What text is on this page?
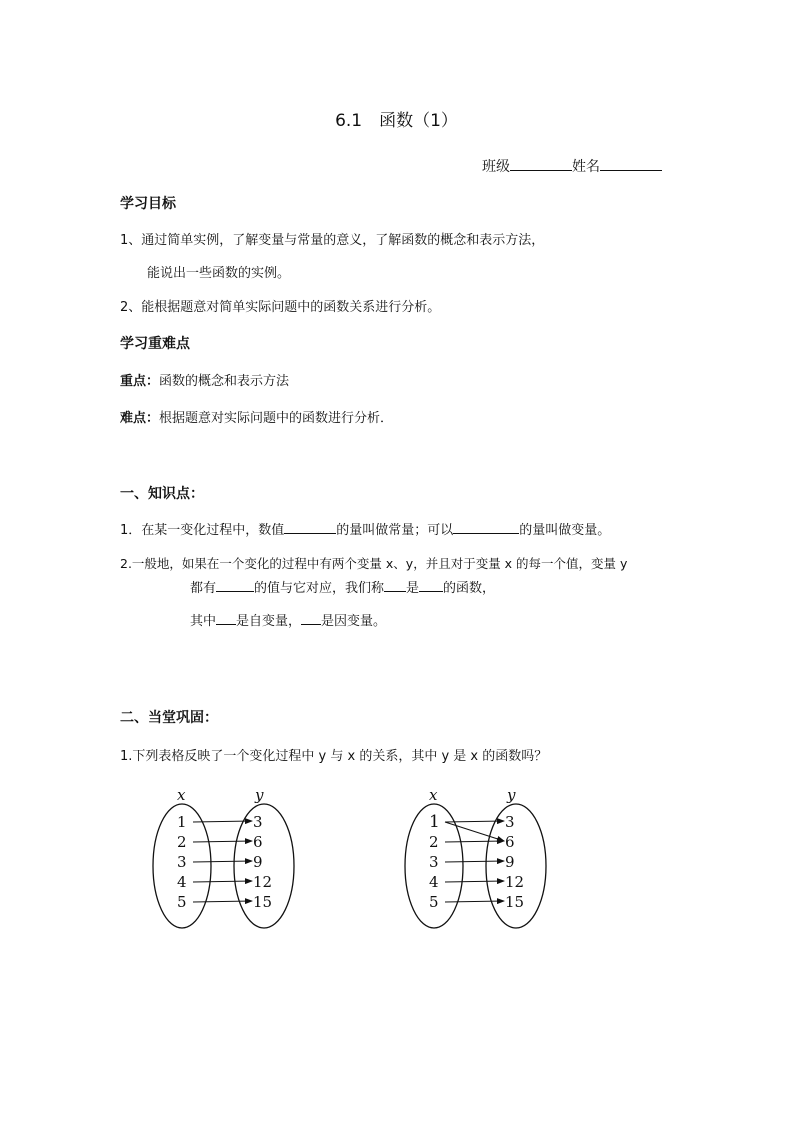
6.1　函数（1）
班级	姓名
学习目标
1、通过简单实例，了解变量与常量的意义，了解函数的概念和表示方法，
能说出一些函数的实例。
2、能根据题意对简单实际问题中的函数关系进行分析。
学习重难点
重点：函数的概念和表示方法
难点：根据题意对实际问题中的函数进行分析．
一、知识点：
1．在某一变化过程中，数值	的量叫做常量；可以	的量叫做变量。
2.一般地，如果在一个变化的过程中有两个变量 x、y，并且对于变量 x 的每一个值，变量 y
都有	的值与它对应，我们称 是 的函数，
其中 是自变量， 是因变量。
二、当堂巩固：
1.下列表格反映了一个变化过程中 y 与 x 的关系，其中 y 是 x 的函数吗？
x	y
1
2
3
4
5
3
6
9
12
15
x	y
1
2
3
4
5
3
6
9
12
15
